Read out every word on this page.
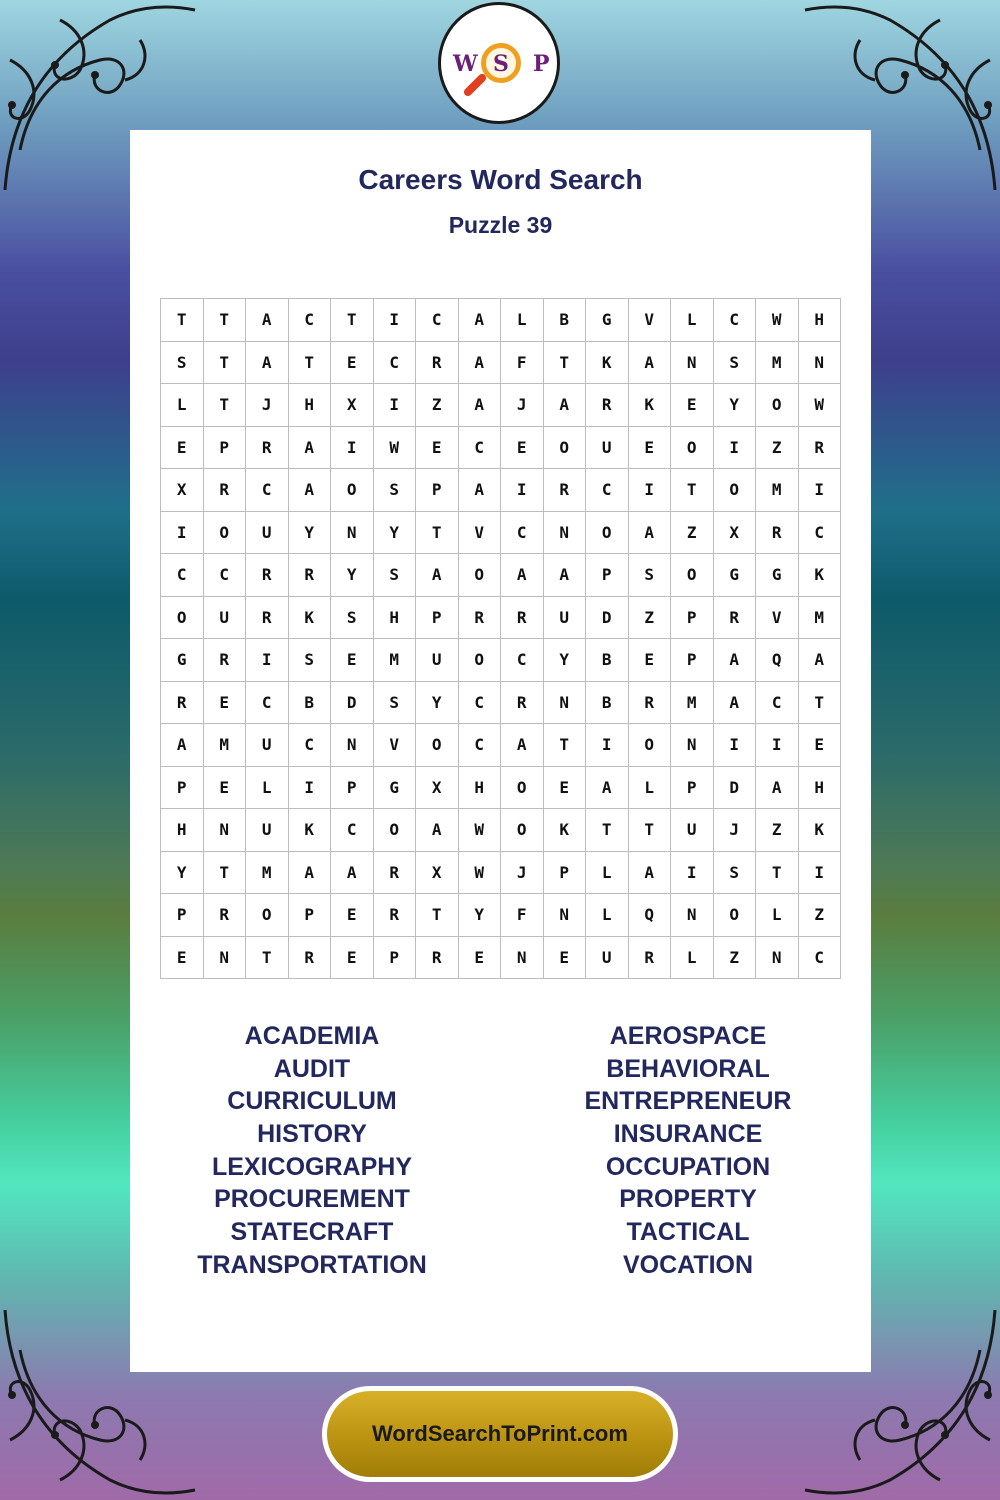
Careers Word Search
Puzzle 39
T	T	A	C	T	I	C	A	L	B	G	V	L	C	W	H
S	T	A	T	E	C	R	A	F	T	K	A	N	S	M	N
L	T	J	H	X	I	Z	A	J	A	R	K	E	Y	O	W
E	P	R	A	I	W	E	C	E	O	U	E	O	I	Z	R
X	R	C	A	O	S	P	A	I	R	C	I	T	O	M	I
I	O	U	Y	N	Y	T	V	C	N	O	A	Z	X	R	C
C	C	R	R	Y	S	A	O	A	A	P	S	O	G	G	K
O	U	R	K	S	H	P	R	R	U	D	Z	P	R	V	M
G	R	I	S	E	M	U	O	C	Y	B	E	P	A	Q	A
R	E	C	B	D	S	Y	C	R	N	B	R	M	A	C	T
A	M	U	C	N	V	O	C	A	T	I	O	N	I	I	E
P	E	L	I	P	G	X	H	O	E	A	L	P	D	A	H
H	N	U	K	C	O	A	W	O	K	T	T	U	J	Z	K
Y	T	M	A	A	R	X	W	J	P	L	A	I	S	T	I
P	R	O	P	E	R	T	Y	F	N	L	Q	N	O	L	Z
E	N	T	R	E	P	R	E	N	E	U	R	L	Z	N	C
ACADEMIA
AUDIT
CURRICULUM
HISTORY
LEXICOGRAPHY
PROCUREMENT
STATECRAFT
TRANSPORTATION
AEROSPACE
BEHAVIORAL
ENTREPRENEUR
INSURANCE
OCCUPATION
PROPERTY
TACTICAL
VOCATION
W S P
WordSearchToPrint.com
